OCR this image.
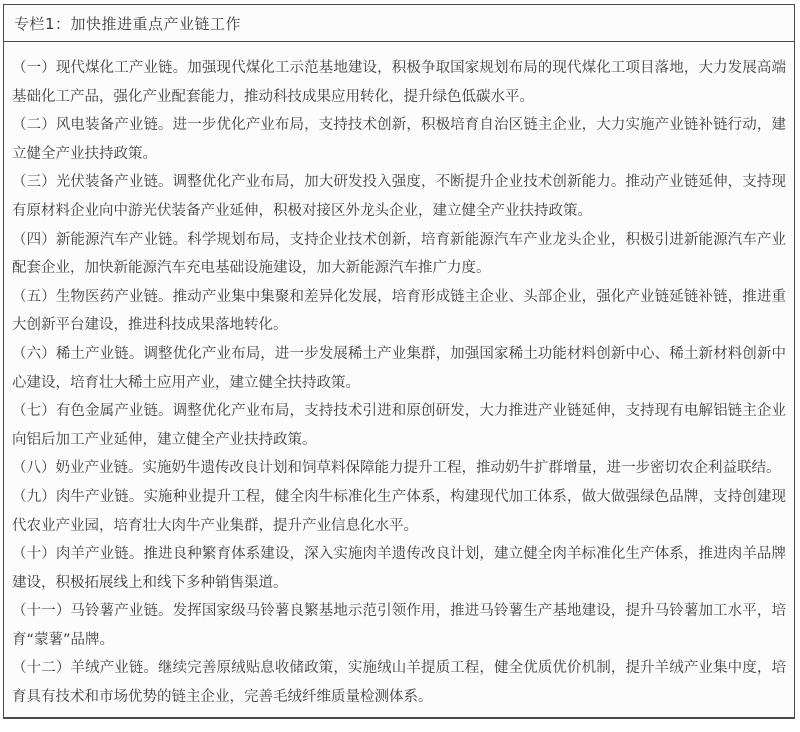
专栏1：加快推进重点产业链工作

（一）现代煤化工产业链。加强现代煤化工示范基地建设，积极争取国家规划布局的现代煤化工项目落地，大力发展高端基础化工产品，强化产业配套能力，推动科技成果应用转化，提升绿色低碳水平。

（二）风电装备产业链。进一步优化产业布局，支持技术创新，积极培育自治区链主企业，大力实施产业链补链行动，建立健全产业扶持政策。

（三）光伏装备产业链。调整优化产业布局，加大研发投入强度，不断提升企业技术创新能力。推动产业链延伸，支持现有原材料企业向中游光伏装备产业延伸，积极对接区外龙头企业，建立健全产业扶持政策。

（四）新能源汽车产业链。科学规划布局，支持企业技术创新，培育新能源汽车产业龙头企业，积极引进新能源汽车产业配套企业，加快新能源汽车充电基础设施建设，加大新能源汽车推广力度。

（五）生物医药产业链。推动产业集中集聚和差异化发展，培育形成链主企业、头部企业，强化产业链延链补链，推进重大创新平台建设，推进科技成果落地转化。

（六）稀土产业链。调整优化产业布局，进一步发展稀土产业集群，加强国家稀土功能材料创新中心、稀土新材料创新中心建设，培育壮大稀土应用产业，建立健全扶持政策。

（七）有色金属产业链。调整优化产业布局，支持技术引进和原创研发，大力推进产业链延伸，支持现有电解铝链主企业向铝后加工产业延伸，建立健全产业扶持政策。

（八）奶业产业链。实施奶牛遗传改良计划和饲草料保障能力提升工程，推动奶牛扩群增量，进一步密切农企利益联结。

（九）肉牛产业链。实施种业提升工程，健全肉牛标准化生产体系，构建现代加工体系，做大做强绿色品牌，支持创建现代农业产业园，培育壮大肉牛产业集群，提升产业信息化水平。

（十）肉羊产业链。推进良种繁育体系建设，深入实施肉羊遗传改良计划，建立健全肉羊标准化生产体系，推进肉羊品牌建设，积极拓展线上和线下多种销售渠道。

（十一）马铃薯产业链。发挥国家级马铃薯良繁基地示范引领作用，推进马铃薯生产基地建设，提升马铃薯加工水平，培育“蒙薯”品牌。

（十二）羊绒产业链。继续完善原绒贴息收储政策，实施绒山羊提质工程，健全优质优价机制，提升羊绒产业集中度，培育具有技术和市场优势的链主企业，完善毛绒纤维质量检测体系。
